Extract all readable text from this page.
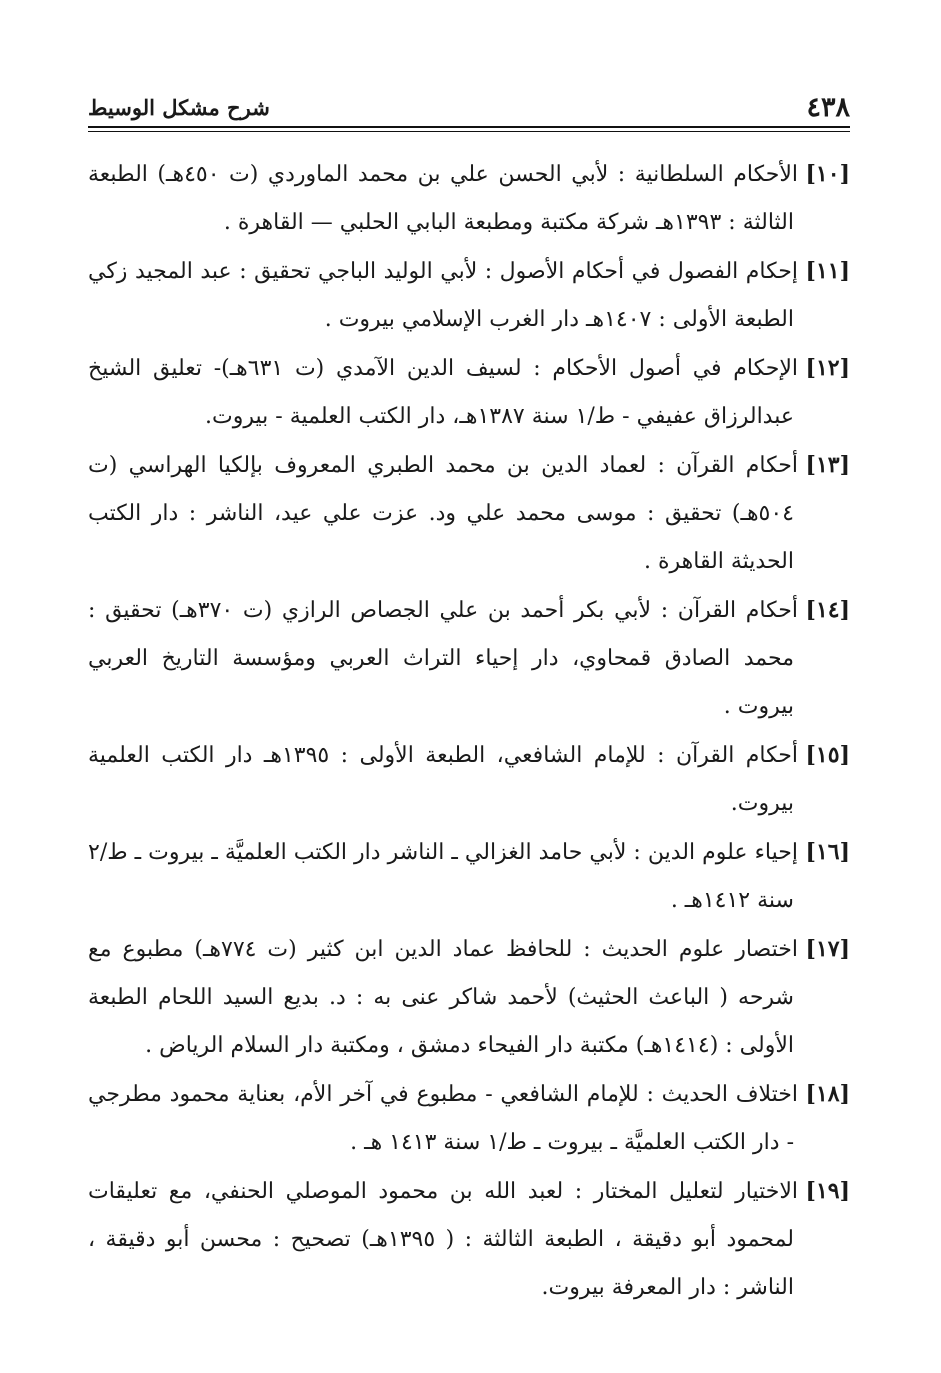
٤٣٨
شرح مشكل الوسيط

[١٠]الأحكام السلطانية : لأبي الحسن علي بن محمد الماوردي (ت ٤٥٠هـ) الطبعة الثالثة : ١٣٩٣هـ شركة مكتبة ومطبعة البابي الحلبي — القاهرة .

[١١]إحكام الفصول في أحكام الأصول : لأبي الوليد الباجي تحقيق : عبد المجيد زكي الطبعة الأولى : ١٤٠٧هـ دار الغرب الإسلامي بيروت .

[١٢]الإحكام في أصول الأحكام : لسيف الدين الآمدي (ت ٦٣١هـ)- تعليق الشيخ عبدالرزاق عفيفي - ط/١ سنة ١٣٨٧هـ، دار الكتب العلمية - بيروت.

[١٣]أحكام القرآن : لعماد الدين بن محمد الطبري المعروف بإلكيا الهراسي (ت ٥٠٤هـ) تحقيق : موسى محمد علي ود. عزت علي عيد، الناشر : دار الكتب الحديثة القاهرة .

[١٤]أحكام القرآن : لأبي بكر أحمد بن علي الجصاص الرازي (ت ٣٧٠هـ) تحقيق : محمد الصادق قمحاوي، دار إحياء التراث العربي ومؤسسة التاريخ العربي بيروت .

[١٥]أحكام القرآن : للإمام الشافعي، الطبعة الأولى : ١٣٩٥هـ دار الكتب العلمية بيروت.

[١٦]إحياء علوم الدين : لأبي حامد الغزالي ـ الناشر دار الكتب العلميَّة ـ بيروت ـ ط/٢ سنة ١٤١٢هـ .

[١٧]اختصار علوم الحديث : للحافظ عماد الدين ابن كثير (ت ٧٧٤هـ) مطبوع مع شرحه ( الباعث الحثيث) لأحمد شاكر عنى به : د. بديع السيد اللحام الطبعة الأولى : (١٤١٤هـ) مكتبة دار الفيحاء دمشق ، ومكتبة دار السلام الرياض .

[١٨]اختلاف الحديث : للإمام الشافعي - مطبوع في آخر الأم، بعناية محمود مطرجي - دار الكتب العلميَّة ـ بيروت ـ ط/١ سنة ١٤١٣ هـ .

[١٩]الاختيار لتعليل المختار : لعبد الله بن محمود الموصلي الحنفي، مع تعليقات لمحمود أبو دقيقة ، الطبعة الثالثة : ( ١٣٩٥هـ) تصحيح : محسن أبو دقيقة ، الناشر : دار المعرفة بيروت.
